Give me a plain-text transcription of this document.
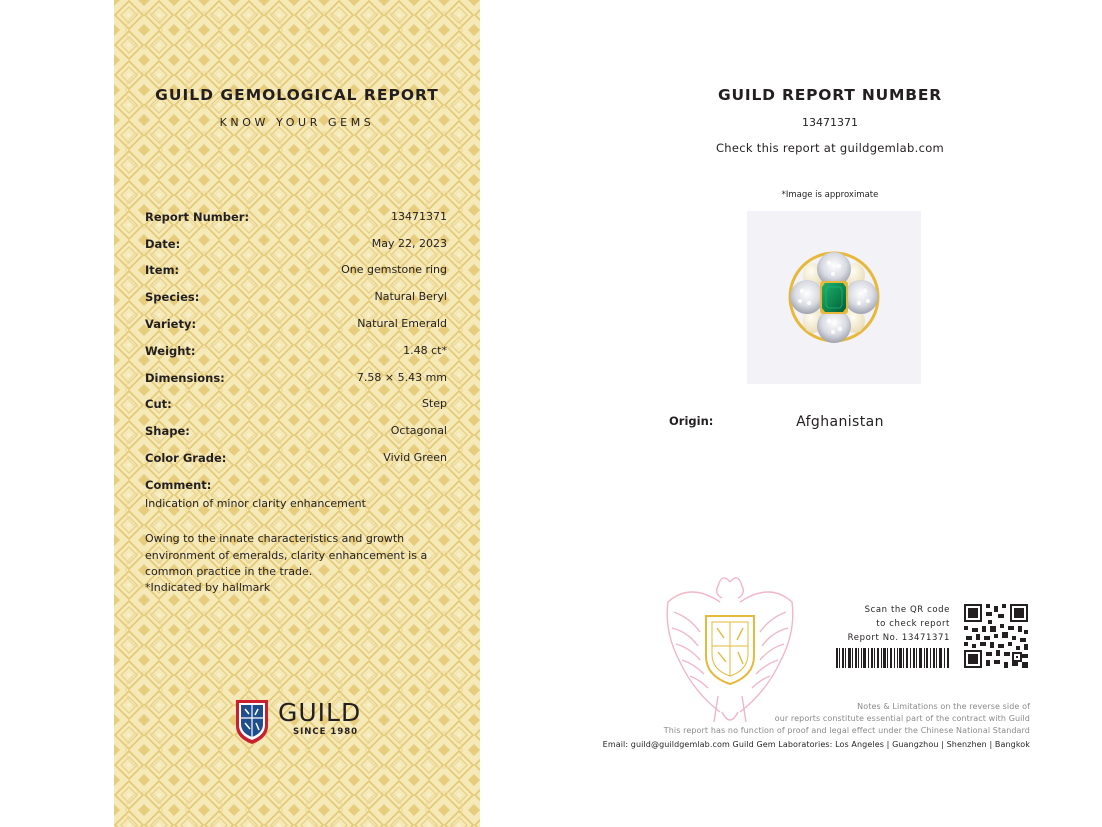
GUILD GEMOLOGICAL REPORT
KNOW YOUR GEMS
Report Number:	13471371
Date:	May 22, 2023
Item:	One gemstone ring
Species:	Natural Beryl
Variety:	Natural Emerald
Weight:	1.48 ct*
Dimensions:	7.58 × 5.43 mm
Cut:	Step
Shape:	Octagonal
Color Grade:	Vivid Green
Comment:
Indication of minor clarity enhancement
Owing to the innate characteristics and growth
environment of emeralds, clarity enhancement is a
common practice in the trade.
*Indicated by hallmark
GUILD
SINCE 1980
GUILD REPORT NUMBER
13471371
Check this report at guildgemlab.com
*Image is approximate
Origin:	Afghanistan
Scan the QR code
to check report
Report No. 13471371
Notes & Limitations on the reverse side of
our reports constitute essential part of the contract with Guild
This report has no function of proof and legal effect under the Chinese National Standard
Email: guild@guildgemlab.com Guild Gem Laboratories: Los Angeles | Guangzhou | Shenzhen | Bangkok
